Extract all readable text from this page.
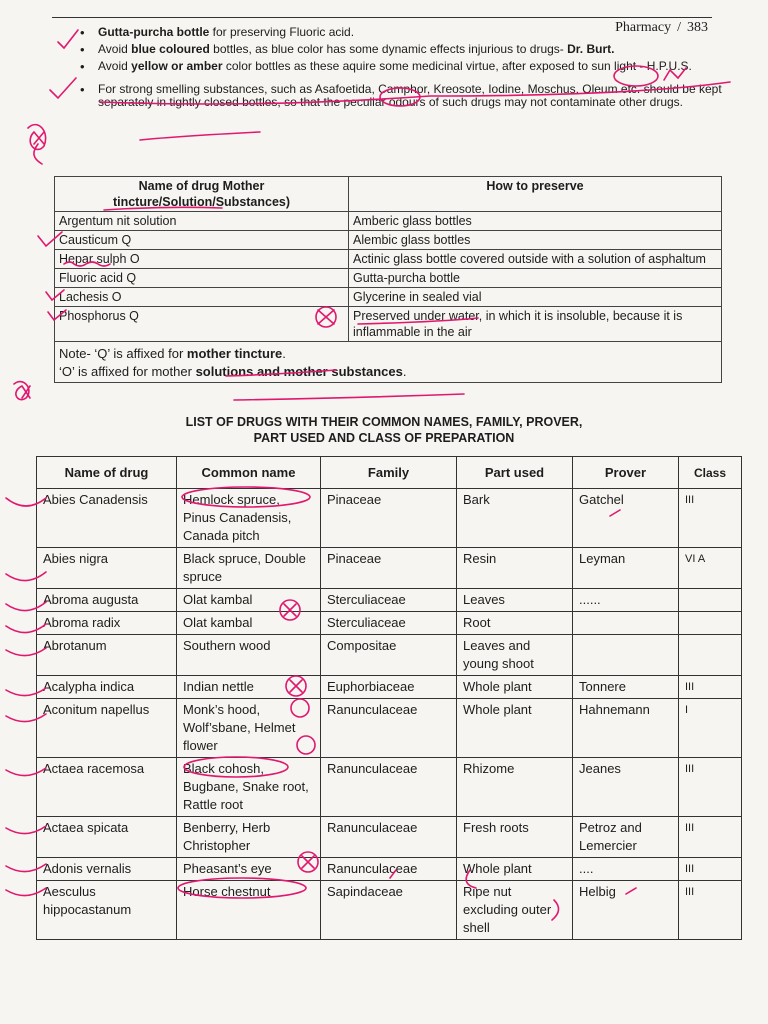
Pharmacy / 383
• Gutta-purcha bottle for preserving Fluoric acid.
• Avoid blue coloured bottles, as blue color has some dynamic effects injurious to drugs- Dr. Burt.
• Avoid yellow or amber color bottles as these aquire some medicinal virtue, after exposed to sun light - H.P.U.S.
• For strong smelling substances, such as Asafoetida, Camphor, Kreosote, Iodine, Moschus, Oleum etc. should be kept separately in tightly closed bottles, so that the peculiar odours of such drugs may not contaminate other drugs.
Name of drug Mother tincture/Solution/Substances)	How to preserve
Argentum nit solution	Amberic glass bottles
Causticum Q	Alembic glass bottles
Hepar sulph O	Actinic glass bottle covered outside with a solution of asphaltum
Fluoric acid Q	Gutta-purcha bottle
Lachesis O	Glycerine in sealed vial
Phosphorus Q	Preserved under water, in which it is insoluble, because it is inflammable in the air

Note- ‘Q’ is affixed for mother tincture.
‘O’ is affixed for mother solutions and mother substances.	
LIST OF DRUGS WITH THEIR COMMON NAMES, FAMILY, PROVER,
PART USED AND CLASS OF PREPARATION
Name of drug	Common name	Family	Part used	Prover	Class
Abies Canadensis	Hemlock spruce, Pinus Canadensis, Canada pitch	Pinaceae	Bark	Gatchel	III
Abies nigra	Black spruce, Double spruce	Pinaceae	Resin	Leyman	VI A
Abroma augusta	Olat kambal	Sterculiaceae	Leaves	......	
Abroma radix	Olat kambal	Sterculiaceae	Root		
Abrotanum	Southern wood	Compositae	Leaves and young shoot		
Acalypha indica	Indian nettle	Euphorbiaceae	Whole plant	Tonnere	III
Aconitum napellus	Monk’s hood, Wolf’sbane, Helmet flower	Ranunculaceae	Whole plant	Hahnemann	I
Actaea racemosa	Black cohosh, Bugbane, Snake root, Rattle root	Ranunculaceae	Rhizome	Jeanes	III
Actaea spicata	Benberry, Herb Christopher	Ranunculaceae	Fresh roots	Petroz and Lemercier	III
Adonis vernalis	Pheasant’s eye	Ranunculaceae	Whole plant	....	III
Aesculus hippocastanum	Horse chestnut	Sapindaceae	Ripe nut excluding outer shell	Helbig	III
